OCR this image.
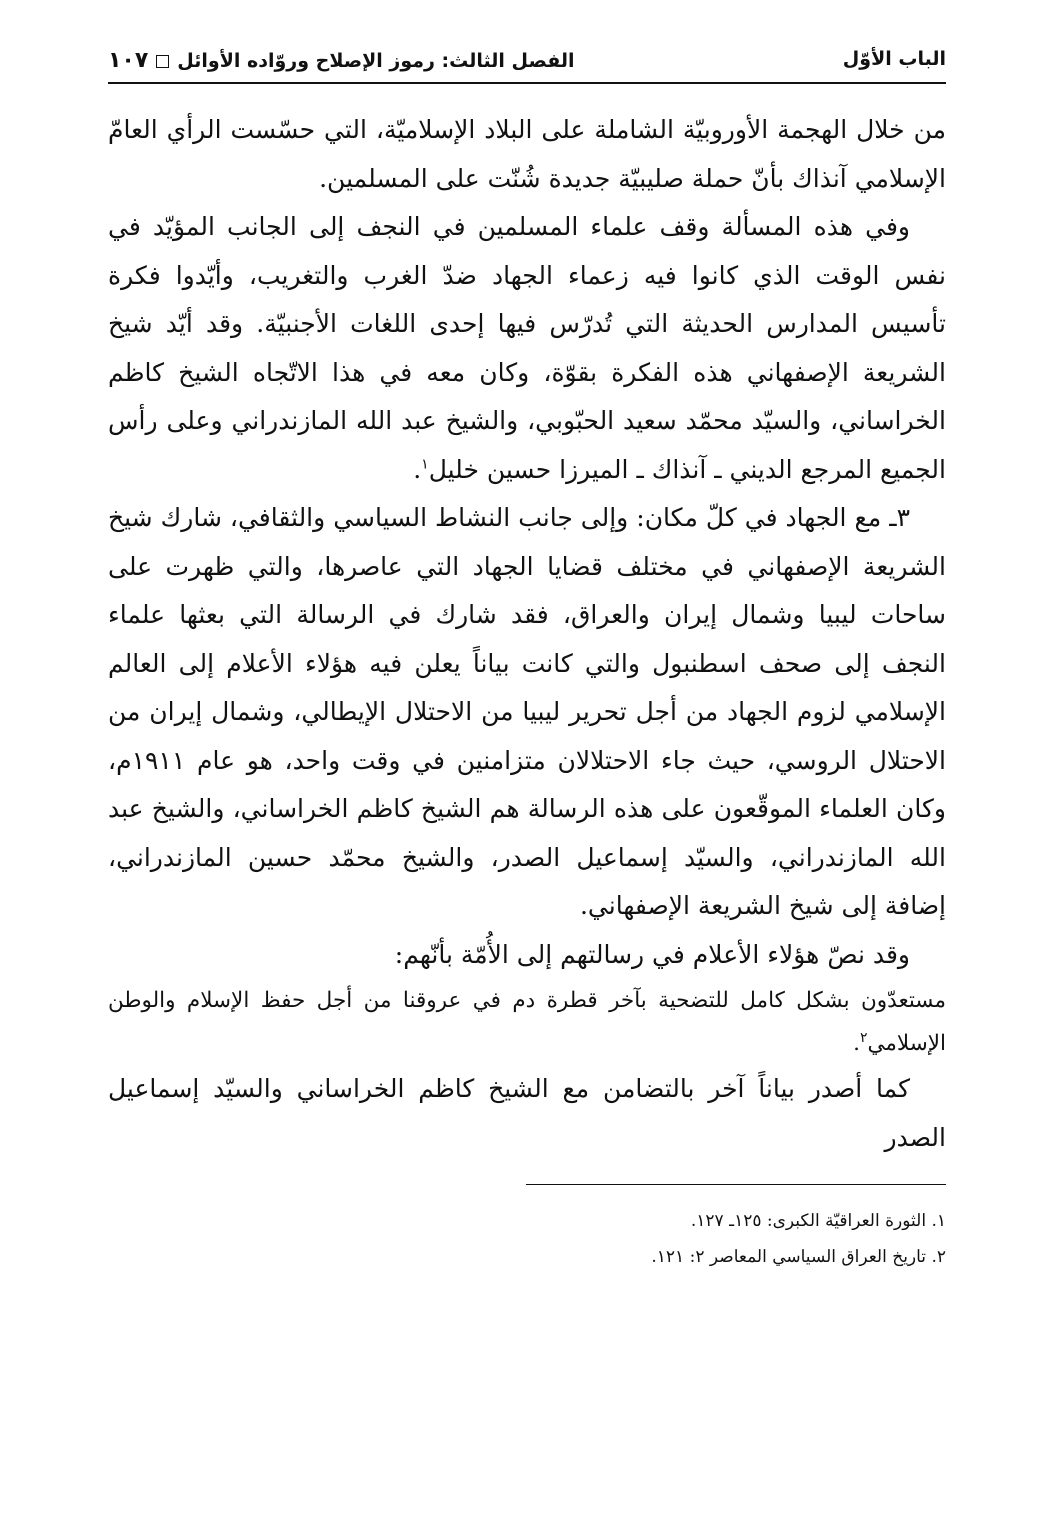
الباب الأوّل
الفصل الثالث: رموز الإصلاح وروّاده الأوائل١٠٧

من خلال الهجمة الأوروبيّة الشاملة على البلاد الإسلاميّة، التي حسّست الرأي العامّ الإسلامي آنذاك بأنّ حملة صليبيّة جديدة شُنّت على المسلمين.

وفي هذه المسألة وقف علماء المسلمين في النجف إلى الجانب المؤيّد في نفس الوقت الذي كانوا فيه زعماء الجهاد ضدّ الغرب والتغريب، وأيّدوا فكرة تأسيس المدارس الحديثة التي تُدرّس فيها إحدى اللغات الأجنبيّة. وقد أيّد شيخ الشريعة الإصفهاني هذه الفكرة بقوّة، وكان معه في هذا الاتّجاه الشيخ كاظم الخراساني، والسيّد محمّد سعيد الحبّوبي، والشيخ عبد الله المازندراني وعلى رأس الجميع المرجع الديني ـ آنذاك ـ الميرزا حسين خليل$^١$.

٣ـ مع الجهاد في كلّ مكان: وإلى جانب النشاط السياسي والثقافي، شارك شيخ الشريعة الإصفهاني في مختلف قضايا الجهاد التي عاصرها، والتي ظهرت على ساحات ليبيا وشمال إيران والعراق، فقد شارك في الرسالة التي بعثها علماء النجف إلى صحف اسطنبول والتي كانت بياناً يعلن فيه هؤلاء الأعلام إلى العالم الإسلامي لزوم الجهاد من أجل تحرير ليبيا من الاحتلال الإيطالي، وشمال إيران من الاحتلال الروسي، حيث جاء الاحتلالان متزامنين في وقت واحد، هو عام ١٩١١م، وكان العلماء الموقّعون على هذه الرسالة هم الشيخ كاظم الخراساني، والشيخ عبد الله المازندراني، والسيّد إسماعيل الصدر، والشيخ محمّد حسين المازندراني، إضافة إلى شيخ الشريعة الإصفهاني.

وقد نصّ هؤلاء الأعلام في رسالتهم إلى الأُمّة بأنّهم:

مستعدّون بشكل كامل للتضحية بآخر قطرة دم في عروقنا من أجل حفظ الإسلام والوطن الإسلامي$^٢$.

كما أصدر بياناً آخر بالتضامن مع الشيخ كاظم الخراساني والسيّد إسماعيل الصدر

١. الثورة العراقيّة الكبرى: ١٢٥ـ ١٢٧.
٢. تاريخ العراق السياسي المعاصر ٢: ١٢١.
